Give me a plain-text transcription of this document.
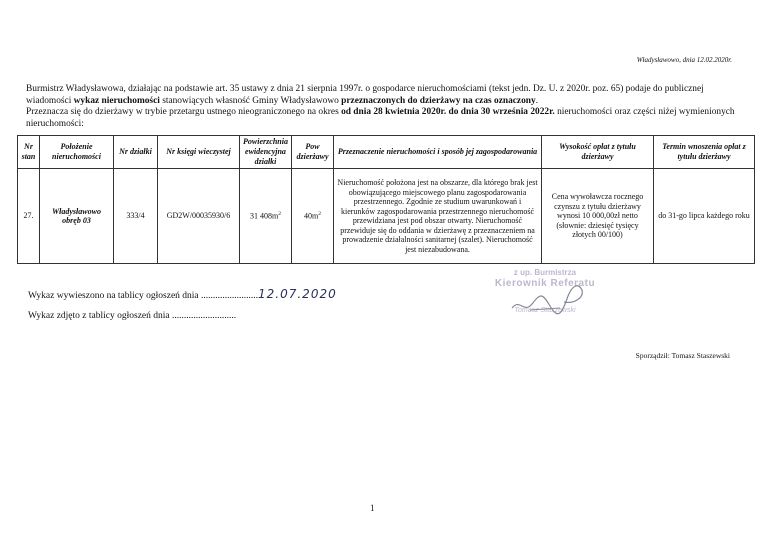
Władysławowo, dnia 12.02.2020r.

Burmistrz Władysławowa, działając na podstawie art. 35 ustawy z dnia 21 sierpnia 1997r. o gospodarce nieruchomościami (tekst jedn. Dz. U. z 2020r. poz. 65) podaje do publicznej wiadomości wykaz nieruchomości stanowiących własność Gminy Władysławowo przeznaczonych do dzierżawy na czas oznaczony.

Przeznacza się do dzierżawy w trybie przetargu ustnego nieograniczonego na okres od dnia 28 kwietnia 2020r. do dnia 30 września 2022r. nieruchomości oraz części niżej wymienionych nieruchomości:

Nr stan	Położenie nieruchomości	Nr działki	Nr księgi wieczystej	Powierzchnia ewidencyjna działki	Pow dzierżawy	Przeznaczenie nieruchomości i sposób jej zagospodarowania	Wysokość opłat z tytułu dzierżawy	Termin wnoszenia opłat z tytułu dzierżawy
27.	Władysławowo obręb 03	333/4	GD2W/00035930/6	31 $408m^2$	$40m^2$	Nieruchomość położona jest na obszarze, dla którego brak jest obowiązującego miejscowego planu zagospodarowania przestrzennego. Zgodnie ze studium uwarunkowań i kierunków zagospodarowania przestrzennego nieruchomość przewidziana jest pod obszar otwarty. Nieruchomość przewiduje się do oddania w dzierżawę z przeznaczeniem na prowadzenie działalności sanitarnej (szalet). Nieruchomość jest niezabudowana.	Cena wywoławcza rocznego czynszu z tytułu dzierżawy wynosi 10 000,00zł netto (słownie: dziesięć tysięcy złotych 00/100)	do 31-go lipca każdego roku
Wykaz wywieszono na tablicy ogłoszeń dnia ........................12.07.2020
Wykaz zdjęto z tablicy ogłoszeń dnia ...........................
z up. Burmistrza
Kierownik Referatu
Tomasz Staszewski
Sporządził: Tomasz Staszewski
1
